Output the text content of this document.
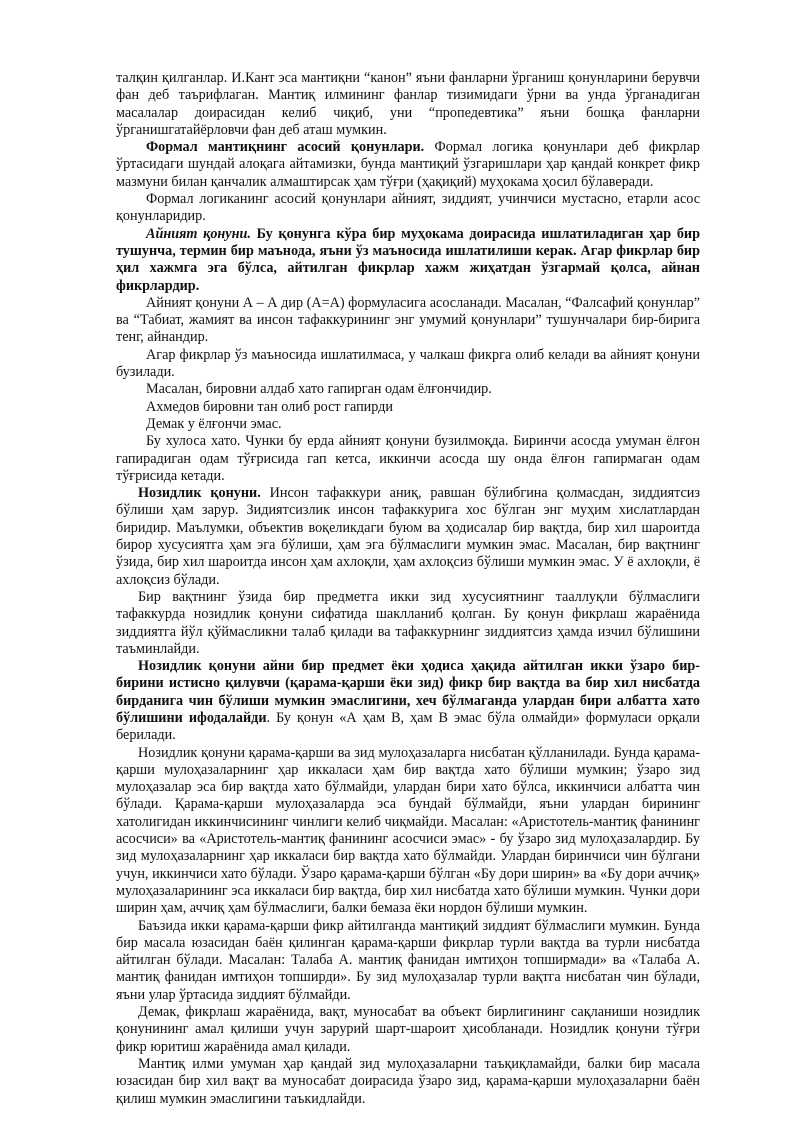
талқин қилганлар. И.Кант эса мантиқни “канон” яъни фанларни ўрганиш қонунларини берувчи фан деб таърифлаган. Мантиқ илмининг фанлар тизимидаги ўрни ва унда ўрганадиган масалалар доирасидан келиб чиқиб, уни “пропедевтика” яъни бошқа фанларни ўрганишгатайёрловчи фан деб аташ мумкин.

Формал мантиқнинг асосий қонунлари. Формал логика қонунлари деб фикрлар ўртасидаги шундай алоқага айтамизки, бунда мантиқий ўзгаришлари ҳар қандай конкрет фикр мазмуни билан қанчалик алмаштирсак ҳам тўғри (ҳақиқий) муҳокама ҳосил бўлаверади.

Формал логиканинг асосий қонунлари айният, зиддият, учинчиси мустасно, етарли асос қонунларидир.

Айният қонуни. Бу қонунга кўра бир муҳокама доирасида ишлатиладиган ҳар бир тушунча, термин бир маънода, яъни ўз маъносида ишлатилиши керак. Агар фикрлар бир ҳил хажмга эга бўлса, айтилган фикрлар хажм жиҳатдан ўзгармай қолса, айнан фикрлардир.

Айният қонуни А – А дир (А=А) формуласига асосланади. Масалан, “Фалсафий қонунлар” ва “Табиат, жамият ва инсон тафаккурининг энг умумий қонунлари” тушунчалари бир-бирига тенг, айнандир.

Агар фикрлар ўз маъносида ишлатилмаса, у чалкаш фикрга олиб келади ва айният қонуни бузилади.

Масалан, бировни алдаб хато гапирган одам ёлғончидир.

Ахмедов бировни тан олиб рост гапирди

Демак у ёлғончи эмас.

Бу хулоса хато. Чунки бу ерда айният қонуни бузилмоқда. Биринчи асосда умуман ёлғон гапирадиган одам тўғрисида гап кетса, иккинчи асосда шу онда ёлғон гапирмаган одам тўғрисида кетади.

Нозидлик қонуни. Инсон тафаккури аниқ, равшан бўлибгина қолмасдан, зиддиятсиз бўлиши ҳам зарур. Зидиятсизлик инсон тафаккурига хос бўлган энг муҳим хислатлардан биридир. Маълумки, объектив воқеликдаги буюм ва ҳодисалар бир вақтда, бир хил шароитда бирор хусусиятга ҳам эга бўлиши, ҳам эга бўлмаслиги мумкин эмас. Масалан, бир вақтнинг ўзида, бир хил шароитда инсон ҳам ахлоқли, ҳам ахлоқсиз бўлиши мумкин эмас. У ё ахлоқли, ё ахлоқсиз бўлади.

Бир вақтнинг ўзида бир предметга икки зид хусусиятнинг тааллуқли бўлмаслиги тафаккурда нозидлик қонуни сифатида шаклланиб қолган. Бу қонун фикрлаш жараёнида зиддиятга йўл қўймасликни талаб қилади ва тафаккурнинг зиддиятсиз ҳамда изчил бўлишини таъминлайди.

Нозидлик қонуни айни бир предмет ёки ҳодиса ҳақида айтилган икки ўзаро бир-бирини истисно қилувчи (қарама-қарши ёки зид) фикр бир вақтда ва бир хил нисбатда бирданига чин бўлиши мумкин эмаслигини, хеч бўлмаганда улардан бири албатта хато бўлишини ифодалайди. Бу қонун «А ҳам В, ҳам В эмас бўла олмайди» формуласи орқали берилади.

Нозидлик қонуни қарама-қарши ва зид мулоҳазаларга нисбатан қўлланилади. Бунда қарама-қарши мулоҳазаларнинг ҳар иккаласи ҳам бир вақтда хато бўлиши мумкин; ўзаро зид мулоҳазалар эса бир вақтда хато бўлмайди, улардан бири хато бўлса, иккинчиси албатта чин бўлади. Қарама-қарши мулоҳазаларда эса бундай бўлмайди, яъни улардан бирининг хатолигидан иккинчисининг чинлиги келиб чиқмайди. Масалан: «Аристотель-мантиқ фанининг асосчиси» ва «Аристотель-мантиқ фанининг асосчиси эмас» - бу ўзаро зид мулоҳазалардир. Бу зид мулоҳазаларнинг ҳар иккаласи бир вақтда хато бўлмайди. Улардан биринчиси чин бўлгани учун, иккинчиси хато бўлади. Ўзаро қарама-қарши бўлган «Бу дори ширин» ва «Бу дори аччиқ» мулоҳазаларининг эса иккаласи бир вақтда, бир хил нисбатда хато бўлиши мумкин. Чунки дори ширин ҳам, аччиқ ҳам бўлмаслиги, балки бемаза ёки нордон бўлиши мумкин.

Баъзида икки қарама-қарши фикр айтилганда мантиқий зиддият бўлмаслиги мумкин. Бунда бир масала юзасидан баён қилинган қарама-қарши фикрлар турли вақтда ва турли нисбатда айтилган бўлади. Масалан: Талаба А. мантиқ фанидан имтиҳон топширмади» ва «Талаба А. мантиқ фанидан имтиҳон топширди». Бу зид мулоҳазалар турли вақтга нисбатан чин бўлади, яъни улар ўртасида зиддият бўлмайди.

Демак, фикрлаш жараёнида, вақт, муносабат ва объект бирлигининг сақланиши нозидлик қонунининг амал қилиши учун зарурий шарт-шароит ҳисобланади. Нозидлик қонуни тўғри фикр юритиш жараёнида амал қилади.

Мантиқ илми умуман ҳар қандай зид мулоҳазаларни таъқиқламайди, балки бир масала юзасидан бир хил вақт ва муносабат доирасида ўзаро зид, қарама-қарши мулоҳазаларни баён қилиш мумкин эмаслигини таъкидлайди.
